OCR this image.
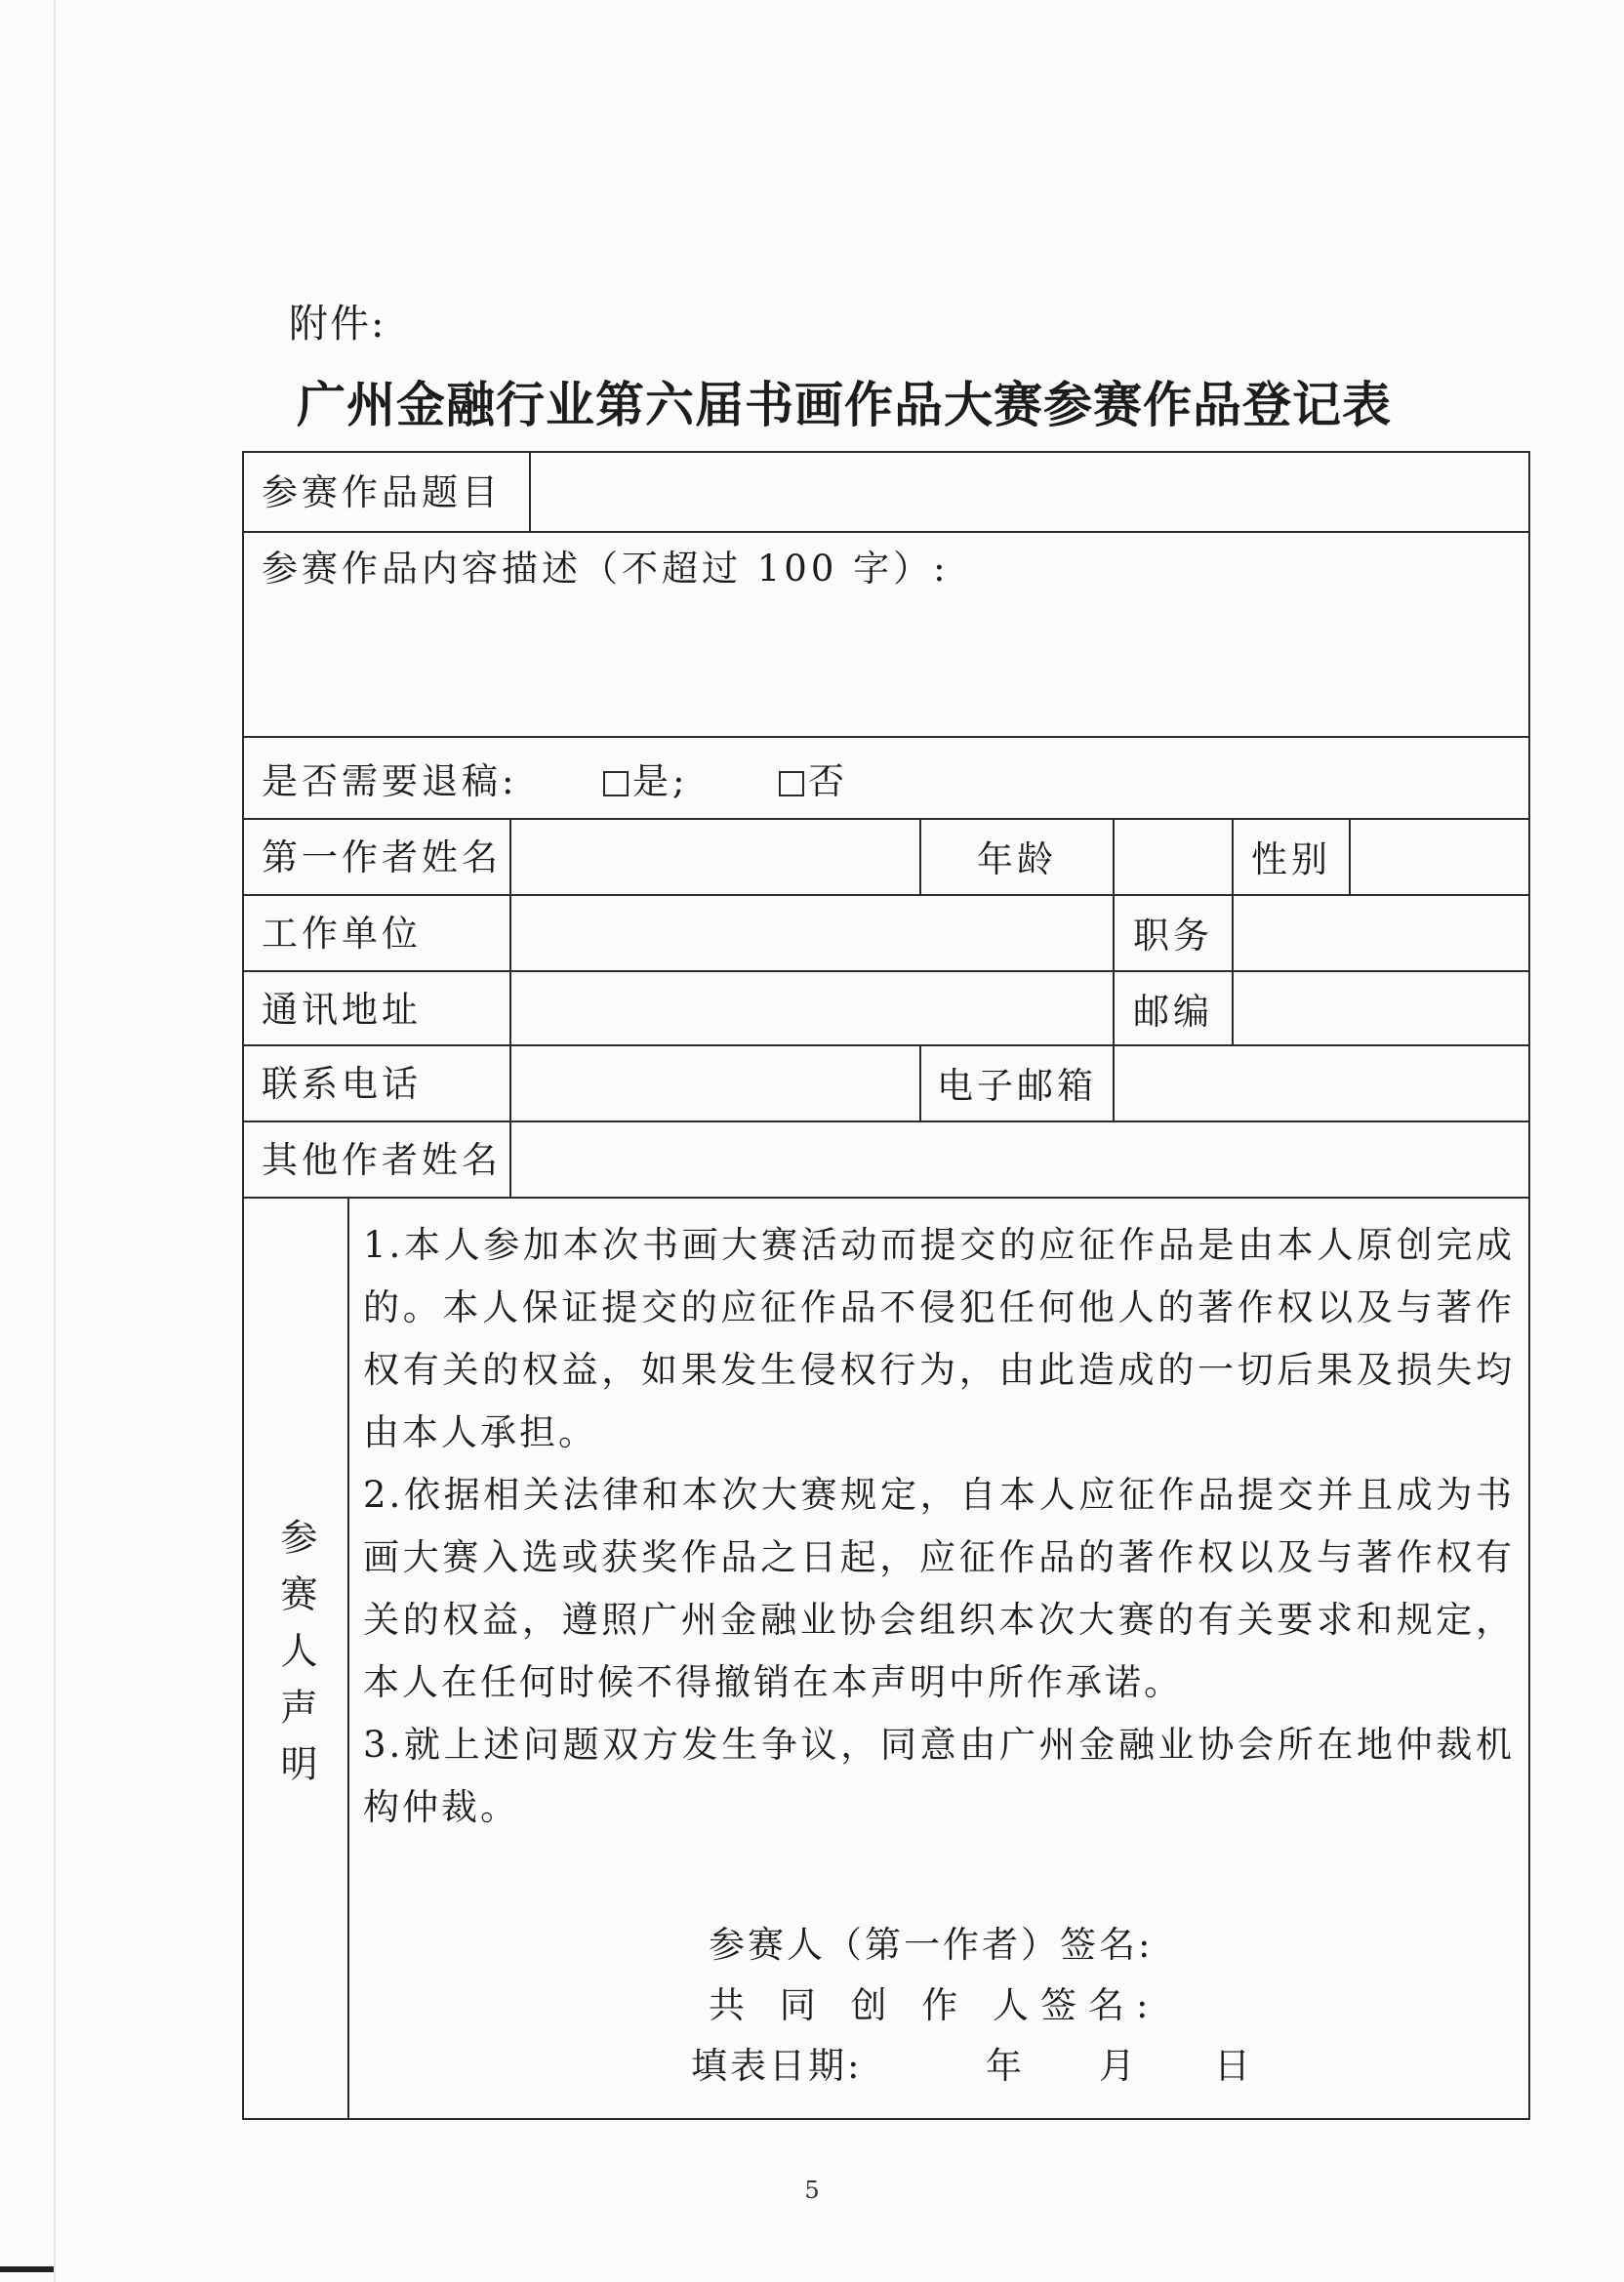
附件:
广州金融行业第六届书画作品大赛参赛作品登记表
参赛作品题目
参赛作品内容描述（不超过 100 字）:
是否需要退稿:	是;	否
第一作者姓名	年龄	性别
工作单位	职务
通讯地址	邮编
联系电话	电子邮箱
其他作者姓名
参赛人声明

1.本人参加本次书画大赛活动而提交的应征作品是由本人原创完成的。本人保证提交的应征作品不侵犯任何他人的著作权以及与著作权有关的权益，如果发生侵权行为，由此造成的一切后果及损失均由本人承担。

2.依据相关法律和本次大赛规定，自本人应征作品提交并且成为书画大赛入选或获奖作品之日起，应征作品的著作权以及与著作权有关的权益，遵照广州金融业协会组织本次大赛的有关要求和规定，本人在任何时候不得撤销在本声明中所作承诺。

3.就上述问题双方发生争议，同意由广州金融业协会所在地仲裁机构仲裁。

参赛人（第一作者）签名:
共 同 创 作 人签名:
填表日期:	年 月 日
5
